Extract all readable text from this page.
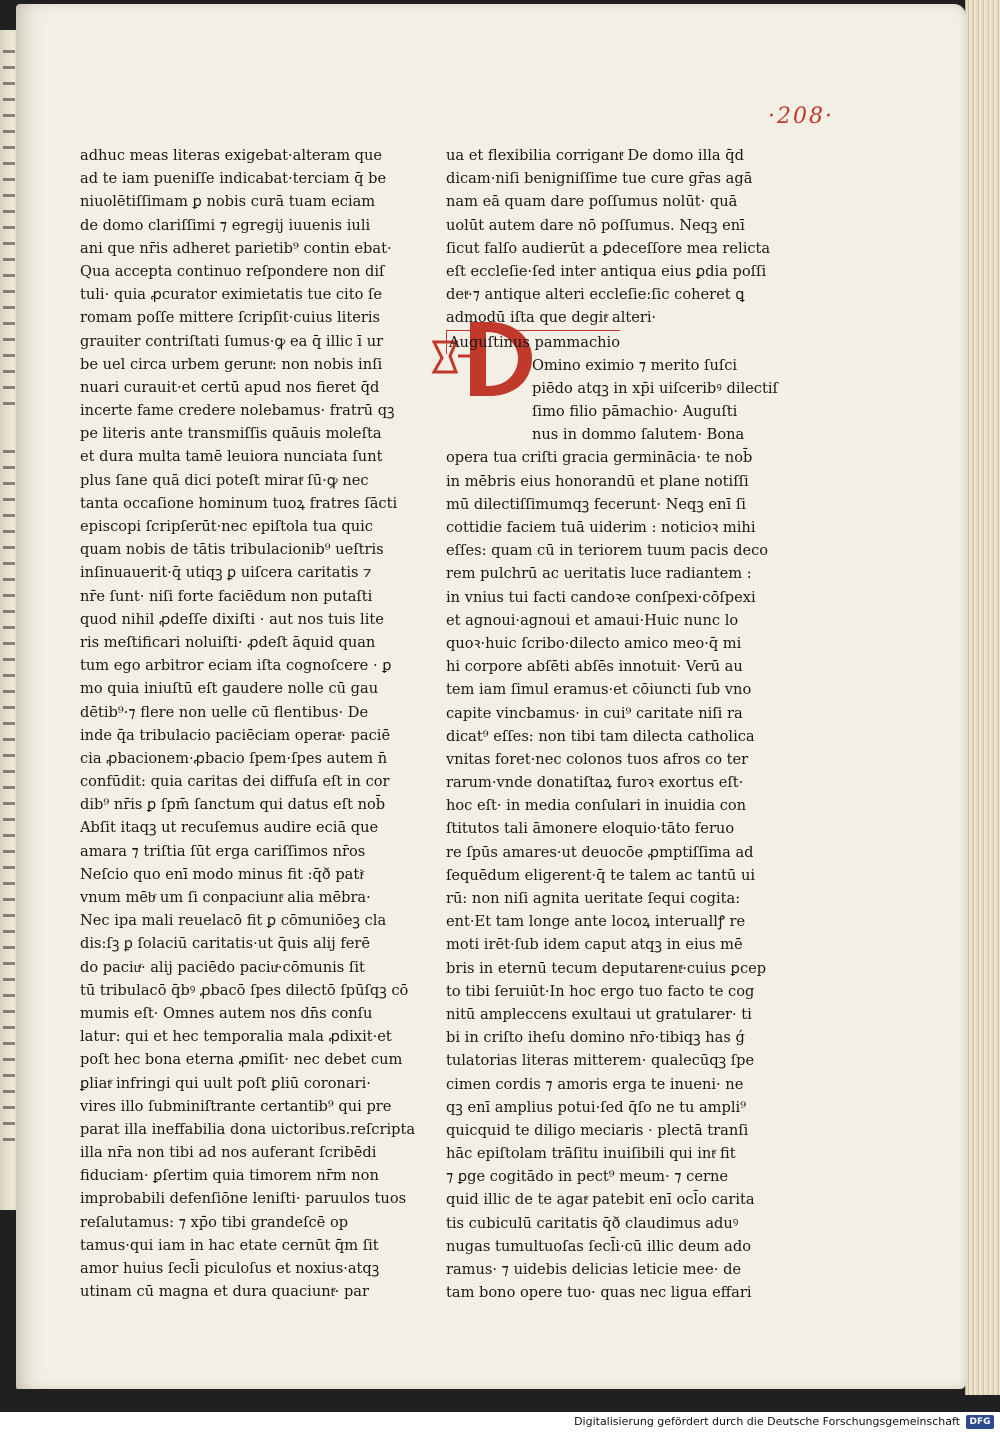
·208·
adhuc meas literas exigebat·alteram que
ad te iam pueniſſe indicabat·terciam q̄ be
niuolētiſſimam ꝑ nobis curā tuam eciam
de domo clariſſimi ⁊ egregij iuuenis iuli
ani que nr̄is adheret parietib⁹ contin ebat·
Qua accepta continuo reſpondere non diſ
tuli· quia ꝓcurator eximietatis tue cito ſe
romam poſſe mittere ſcripſit·cuius literis
grauiter contriſtati ſumus·ꝙ ea q̄ illic ī ur
be uel circa urbem geruntͬ: non nobis inſi
nuari curauit·et certū apud nos fieret q̄d
incerte fame credere nolebamus· fratrū qꝫ
pe literis ante transmiſſis quāuis moleſta
et dura multa tamē leuiora nunciata ſunt
plus ſane quā dici poteſt miratͬ ſū·ꝙ nec
tanta occaſione hominum tuoꝝ fratres ſācti
episcopi ſcripſerūt·nec epiſtola tua quic
quam nobis de tātis tribulacionib⁹ ueſtris
inſinuauerit·q̄ utiqꝫ ꝑ uiſcera caritatis ⁊
nr̄e ſunt· niſi forte faciēdum non putaſti
quod nihil ꝓdeſſe dixiſti · aut nos tuis lite
ris meſtificari noluiſti· ꝓdeſt āquid quan
tum ego arbitror eciam iſta cognoſcere · ꝑ
mo quia iniuſtū eſt gaudere nolle cū gau
dētib⁹·⁊ flere non uelle cū flentibus· De
inde q̄a tribulacio paciēciam operatͬ· paciē
cia ꝓbacionem·ꝓbacio ſpem·ſpes autem n̄
confūdit: quia caritas dei diffuſa eſt in cor
dib⁹ nr̄is ꝑ ſpm̄ ſanctum qui datus eſt nob̄
Abſit itaqꝫ ut recuſemus audire eciā que
amara ⁊ triſtia ſūt erga cariſſimos nr̄os
Neſcio quo enī modo minus fit :q̄ð patiͬ
vnum mēbͬ um ſi conpaciuntͬ alia mēbra·
Nec ipa mali reuelacō fit ꝑ cōmuniōeꝫ cla
dis:ſꝫ ꝑ ſolaciū caritatis·ut q̄uis alij ferē
do paciuͬ· alij paciēdo paciuͬ·cōmunis ſit
tū tribulacō q̄bꝰ ꝓbacō ſpes dilectō ſpūſqꝫ cō
mumis eſt· Omnes autem nos dn̄s conſu
latur: qui et hec temporalia mala ꝓdixit·et
poſt hec bona eterna ꝓmiſit· nec debet cum
ꝑliatͬ infringi qui uult poſt ꝑliū coronari·
vires illo ſubminiſtrante certantib⁹ qui pre
parat illa ineffabilia dona uictoribus.reſcripta
illa nr̄a non tibi ad nos auferant ſcribēdi
fiduciam· ꝑſertim quia timorem nr̄m non
improbabili defenſiōne leniſti· paruulos tuos
reſalutamus: ⁊ xp̄o tibi grandeſcē op
tamus·qui iam in hac etate cernūt q̄m ſit
amor huius ſecl̄i piculoſus et noxius·atqꝫ
utinam cū magna et dura quaciuntͬ· par
ua et flexibilia corrigantͬ De domo illa q̄d
dicam·niſi benigniſſime tue cure gr̄as agā
nam eā quam dare poſſumus nolūt· quā
uolūt autem dare nō poſſumus. Neqꝫ enī
ſicut falſo audierūt a ꝑdeceſſore mea relicta
eſt eccleſie·ſed inter antiqua eius ꝑdia poſſi
detͬ·⁊ antique alteri eccleſie:ſic coheret ꝗ
admodū iſta que degitͬ alteri·
Auguſtinus pammachio
Omino eximio ⁊ merito ſuſci
piēdo atqꝫ in xp̄i uiſceribꝰ dilectiſ
ſimo filio pāmachio· Auguſti
nus in dommo ſalutem· Bona
opera tua criſti gracia germinācia· te nob̄
in mēbris eius honorandū et plane notiſſi
mū dilectiſſimumqꝫ fecerunt· Neqꝫ enī ſi
cottidie faciem tuā uiderim : noticioꝛ mihi
eſſes: quam cū in teriorem tuum pacis deco
rem pulchrū ac ueritatis luce radiantem :
in vnius tui facti candoꝛe conſpexi·cōſpexi
et agnoui·agnoui et amaui·Huic nunc lo
quoꝛ·huic ſcribo·dilecto amico meo·q̄ mi
hi corpore abſēti abſēs innotuit· Verū au
tem iam ſimul eramus·et cōiuncti ſub vno
capite vincbamus· in cui⁹ caritate niſi ra
dicat⁹ eſſes: non tibi tam dilecta catholica
vnitas foret·nec colonos tuos afros co ter
rarum·vnde donatiſtaꝝ furoꝛ exortus eſt·
hoc eſt· in media conſulari in inuidia con
ſtitutos tali āmonere eloquio·tāto feruo
re ſpūs amares·ut deuocōe ꝓmptiſſima ad
ſequēdum eligerent·q̄ te talem ac tantū ui
rū: non niſi agnita ueritate ſequi cogita:
ent·Et tam longe ante locoꝝ interuallꝭ re
moti irēt·ſub idem caput atqꝫ in eius mē
bris in eternū tecum deputarentͬ·cuius ꝑcep
to tibi ſeruiūt·In hoc ergo tuo facto te cog
nitū ampleccens exultaui ut gratularer· ti
bi in criſto iheſu domino nr̄o·tibiqꝫ has ǵ
tulatorias literas mitterem· qualecūqꝫ ſpe
cimen cordis ⁊ amoris erga te inueni· ne
qꝫ enī amplius potui·ſed q̄ſo ne tu ampli⁹
quicquid te diligo meciaris · plectā tranſi
hāc epiſtolam trāſitu inuiſibili qui intͬ fit
⁊ ꝑge cogitādo in pect⁹ meum· ⁊ cerne
quid illic de te agatͬ patebit enī ocl̄o carita
tis cubiculū caritatis q̄ð claudimus aduꝰ
nugas tumultuoſas ſecl̄i·cū illic deum ado
ramus· ⁊ uidebis delicias leticie mee· de
tam bono opere tuo· quas nec ligua effari
Digitalisierung gefördert durch die Deutsche Forschungsgemeinschaft	DFG
